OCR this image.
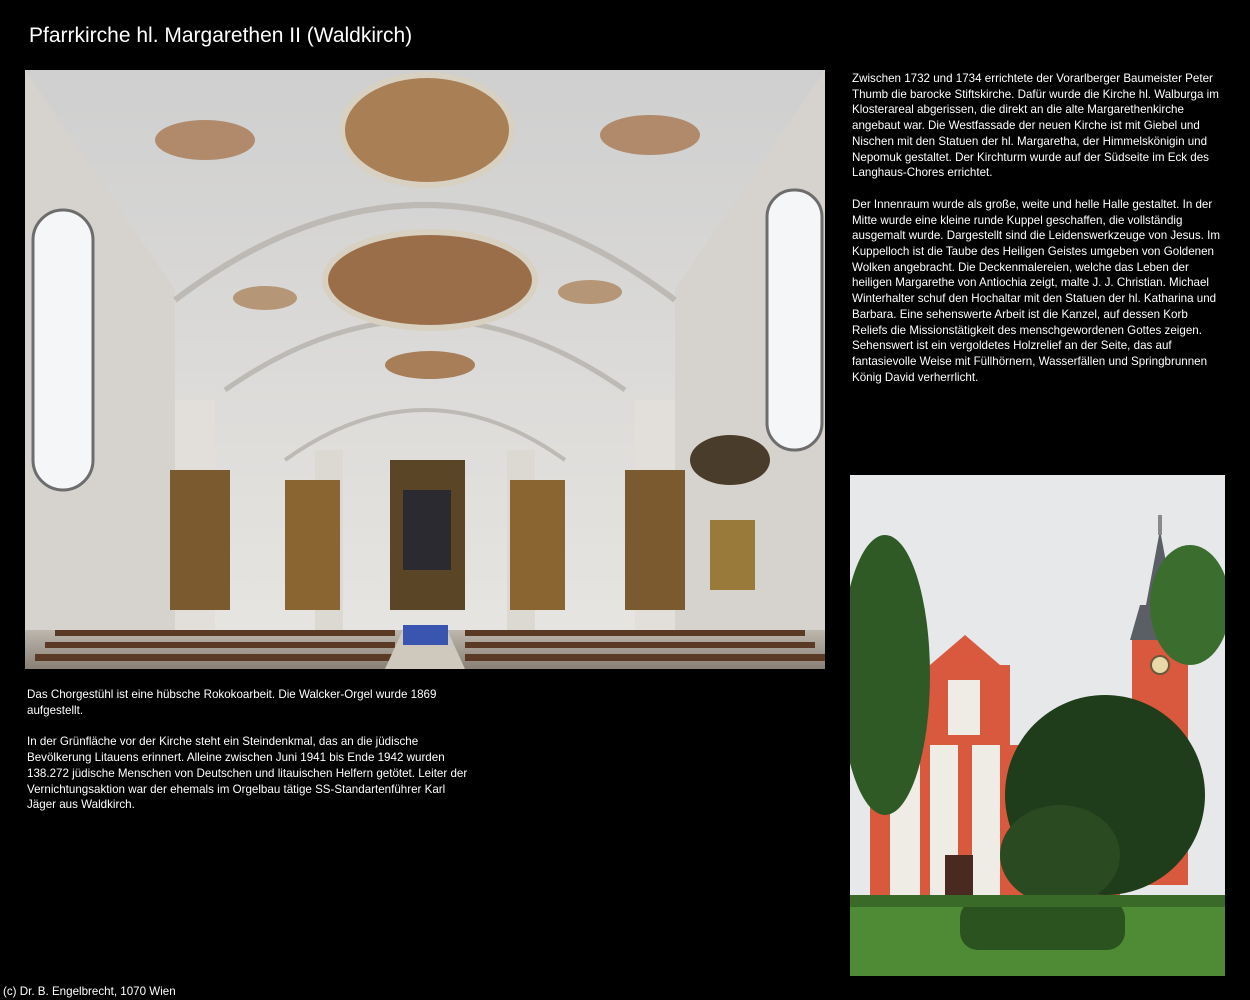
Pfarrkirche hl. Margarethen II (Waldkirch)

Zwischen 1732 und 1734 errichtete der Vorarlberger Baumeister Peter Thumb die barocke Stiftskirche. Dafür wurde die Kirche hl. Walburga im Klosterareal abgerissen, die direkt an die alte Margarethenkirche angebaut war. Die Westfassade der neuen Kirche ist mit Giebel und Nischen mit den Statuen der hl. Margaretha, der Himmelskönigin und Nepomuk gestaltet. Der Kirchturm wurde auf der Südseite im Eck des Langhaus-Chores errichtet.

Der Innenraum wurde als große, weite und helle Halle gestaltet. In der Mitte wurde eine kleine runde Kuppel geschaffen, die vollständig ausgemalt wurde. Dargestellt sind die Leidenswerkzeuge von Jesus. Im Kuppelloch ist die Taube des Heiligen Geistes umgeben von Goldenen Wolken angebracht. Die Deckenmalereien, welche das Leben der heiligen Margarethe von Antiochia zeigt, malte J. J. Christian. Michael Winterhalter schuf den Hochaltar mit den Statuen der hl. Katharina und Barbara. Eine sehenswerte Arbeit ist die Kanzel, auf dessen Korb Reliefs die Missionstätigkeit des menschgewordenen Gottes zeigen. Sehenswert ist ein vergoldetes Holzrelief an der Seite, das auf fantasievolle Weise mit Füllhörnern, Wasserfällen und Springbrunnen König David verherrlicht.

Das Chorgestühl ist eine hübsche Rokokoarbeit. Die Walcker-Orgel wurde 1869 aufgestellt.

In der Grünfläche vor der Kirche steht ein Steindenkmal, das an die jüdische Bevölkerung Litauens erinnert. Alleine zwischen Juni 1941 bis Ende 1942 wurden 138.272 jüdische Menschen von Deutschen und litauischen Helfern getötet. Leiter der Vernichtungsaktion war der ehemals im Orgelbau tätige SS-Standartenführer Karl Jäger aus Waldkirch.

(c) Dr. B. Engelbrecht, 1070 Wien
